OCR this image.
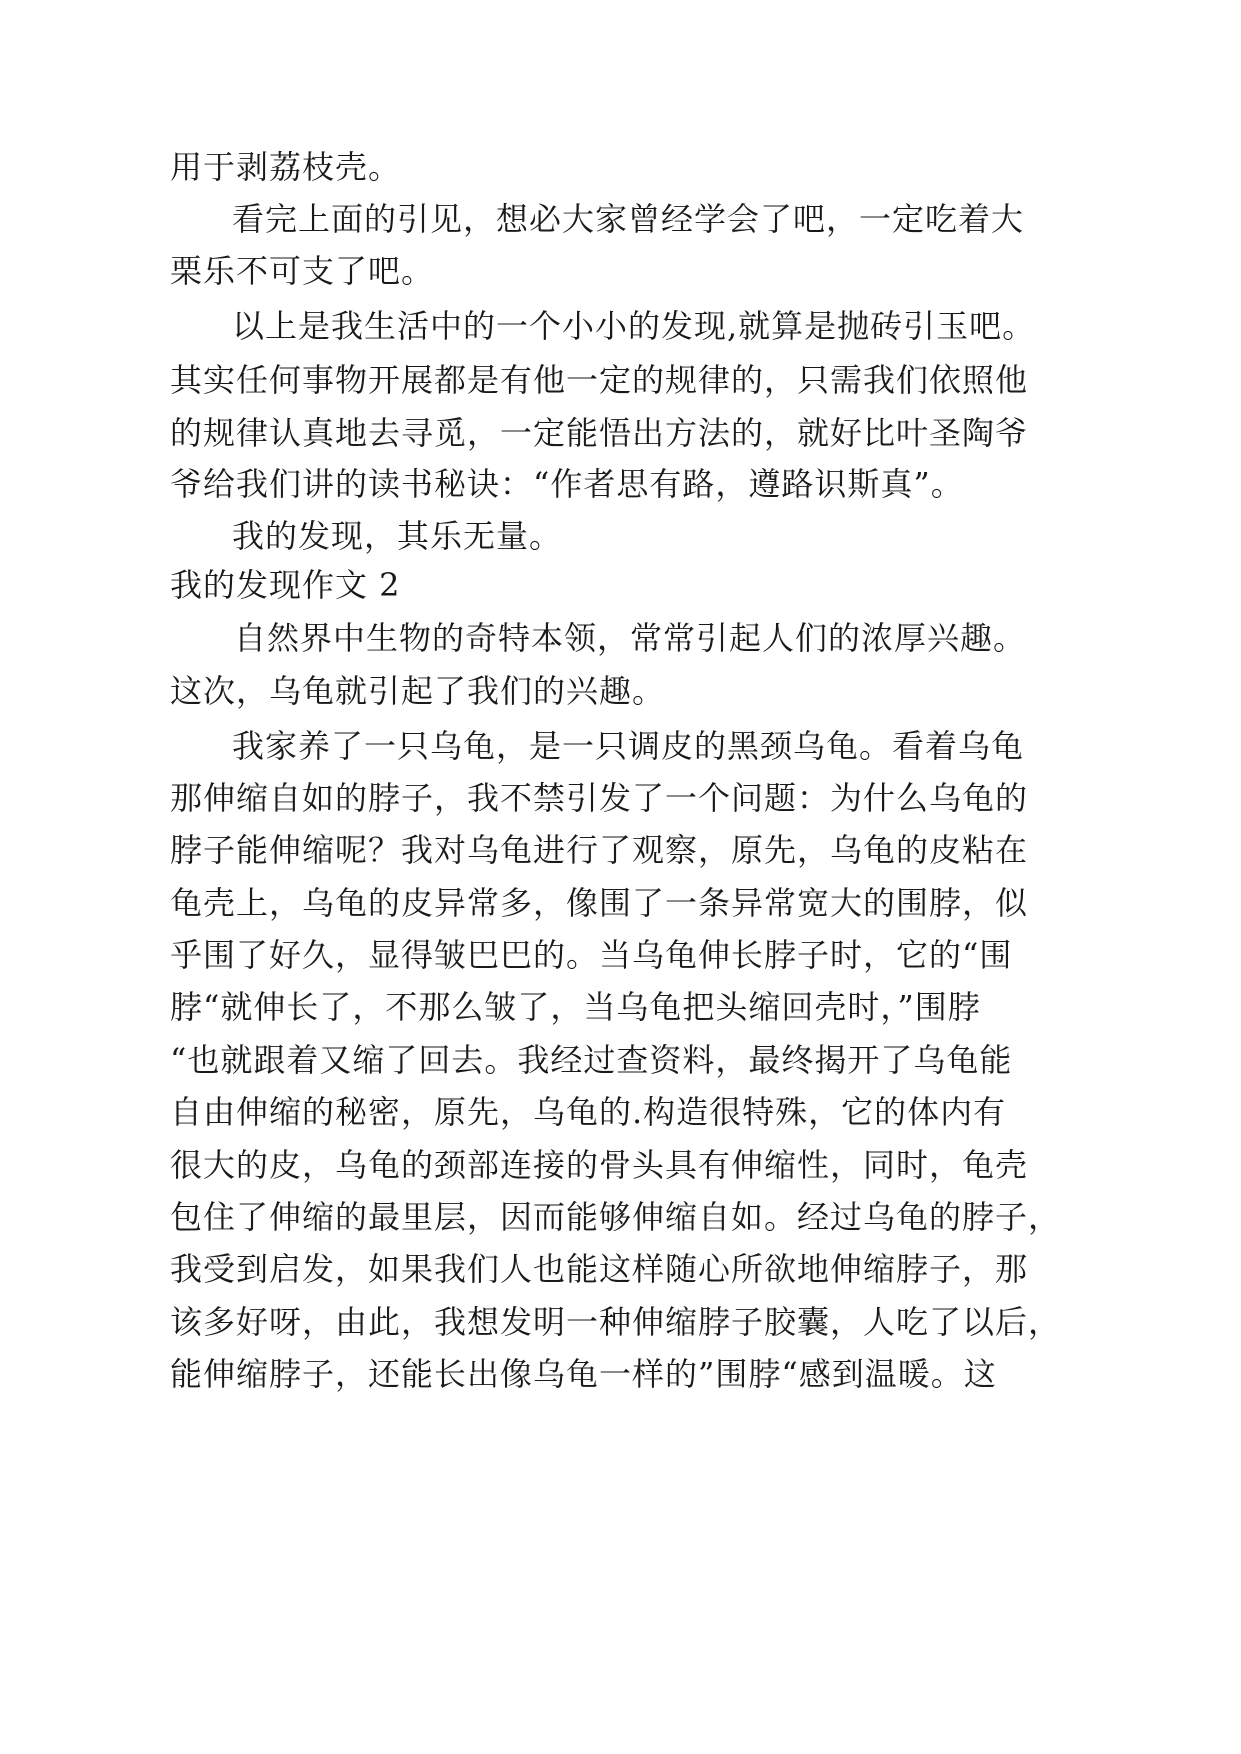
用于剥荔枝壳。
看完上面的引见，想必大家曾经学会了吧，一定吃着大
栗乐不可支了吧。
以上是我生活中的一个小小的发现,就算是抛砖引玉吧。
其实任何事物开展都是有他一定的规律的，只需我们依照他
的规律认真地去寻觅，一定能悟出方法的，就好比叶圣陶爷
爷给我们讲的读书秘诀：“作者思有路，遵路识斯真”。
我的发现，其乐无量。
我的发现作文 2
自然界中生物的奇特本领，常常引起人们的浓厚兴趣。
这次，乌龟就引起了我们的兴趣。
我家养了一只乌龟，是一只调皮的黑颈乌龟。看着乌龟
那伸缩自如的脖子，我不禁引发了一个问题：为什么乌龟的
脖子能伸缩呢？我对乌龟进行了观察，原先，乌龟的皮粘在
龟壳上，乌龟的皮异常多，像围了一条异常宽大的围脖，似
乎围了好久，显得皱巴巴的。当乌龟伸长脖子时，它的“围
脖“就伸长了，不那么皱了，当乌龟把头缩回壳时，”围脖
“也就跟着又缩了回去。我经过查资料，最终揭开了乌龟能
自由伸缩的秘密，原先，乌龟的.构造很特殊，它的体内有
很大的皮，乌龟的颈部连接的骨头具有伸缩性，同时，龟壳
包住了伸缩的最里层，因而能够伸缩自如。经过乌龟的脖子，
我受到启发，如果我们人也能这样随心所欲地伸缩脖子，那
该多好呀，由此，我想发明一种伸缩脖子胶囊，人吃了以后，
能伸缩脖子，还能长出像乌龟一样的”围脖“感到温暖。这
